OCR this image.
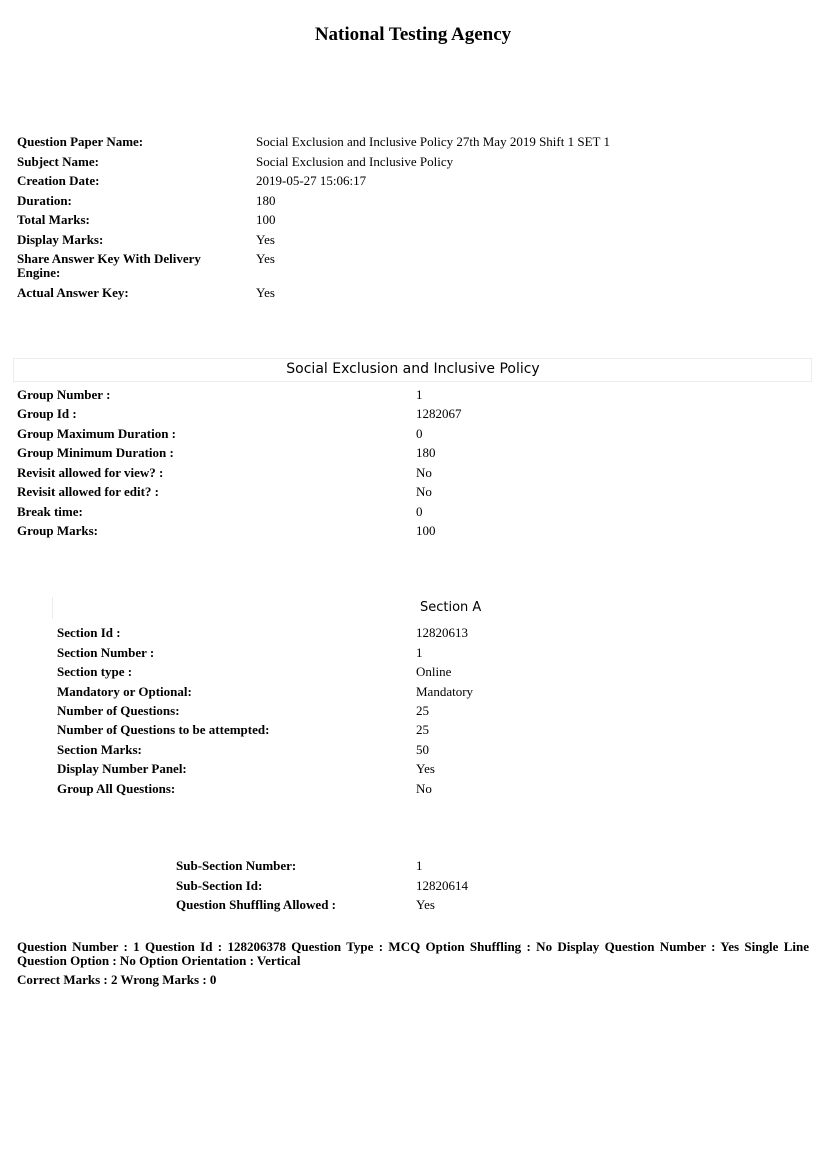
National Testing Agency
Question Paper Name:	Social Exclusion and Inclusive Policy 27th May 2019 Shift 1 SET 1
Subject Name:	Social Exclusion and Inclusive Policy
Creation Date:	2019-05-27 15:06:17
Duration:	180
Total Marks:	100
Display Marks:	Yes
Share Answer Key With Delivery
Engine:
Yes
Actual Answer Key:	Yes
Social Exclusion and Inclusive Policy
Group Number :	1
Group Id :	1282067
Group Maximum Duration :	0
Group Minimum Duration :	180
Revisit allowed for view? :	No
Revisit allowed for edit? :	No
Break time:	0
Group Marks:	100
Section A
Section Id :	12820613
Section Number :	1
Section type :	Online
Mandatory or Optional:	Mandatory
Number of Questions:	25
Number of Questions to be attempted:	25
Section Marks:	50
Display Number Panel:	Yes
Group All Questions:	No
Sub-Section Number:	1
Sub-Section Id:	12820614
Question Shuffling Allowed :	Yes
Question Number : 1 Question Id : 128206378 Question Type : MCQ Option Shuffling : No Display Question Number : Yes Single Line Question Option : No Option Orientation : Vertical
Correct Marks : 2 Wrong Marks : 0
